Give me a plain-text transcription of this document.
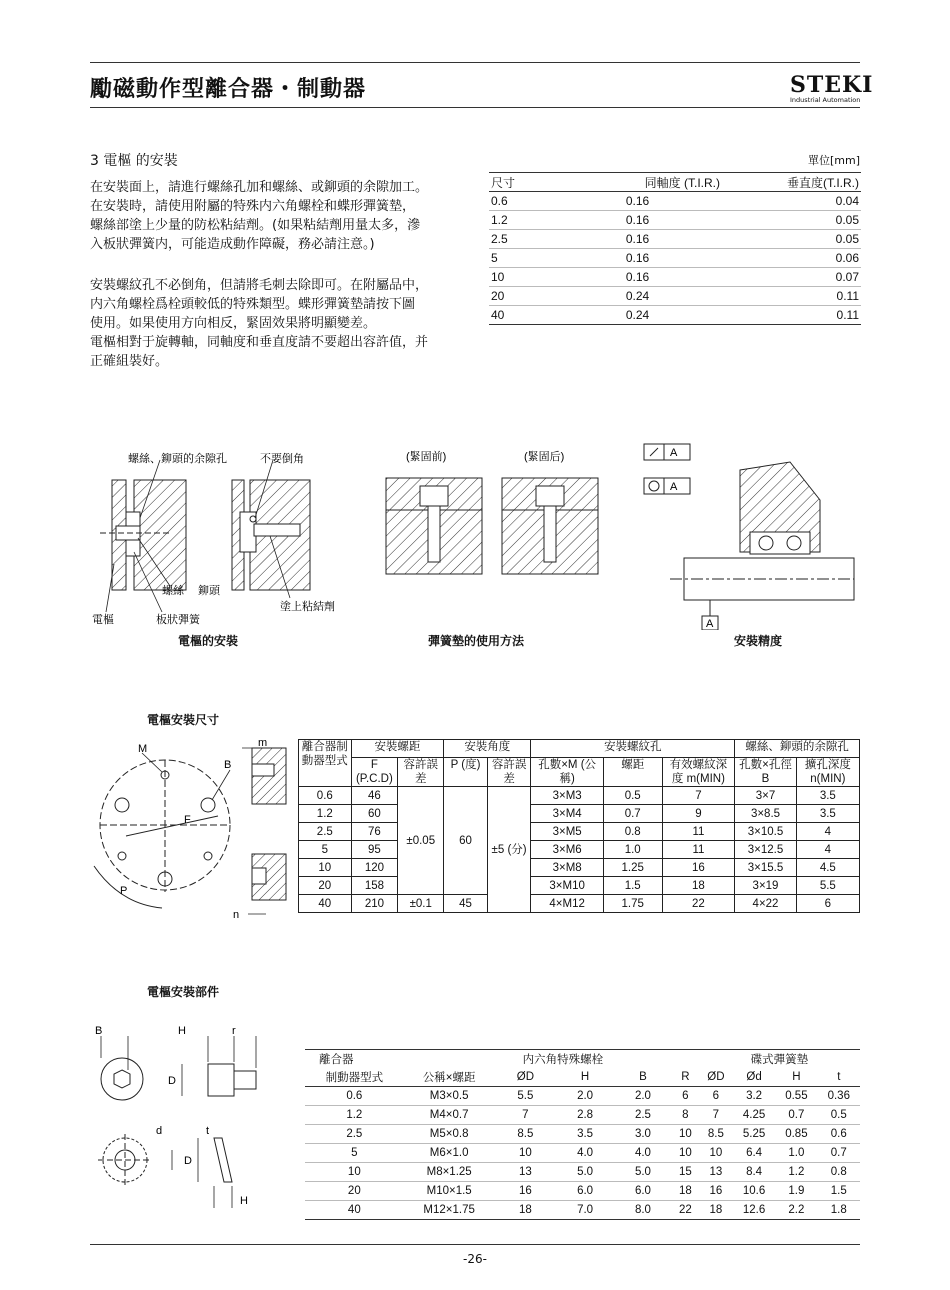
勵磁動作型離合器・制動器	STEKI
Industrial Automation
3 電樞 的安裝
在安裝面上，請進行螺絲孔加和螺絲、或鉚頭的余隙加工。
在安裝時，請使用附屬的特殊内六角螺栓和蝶形彈簧墊，
螺絲部塗上少量的防松粘結劑。(如果粘結劑用量太多，滲
入板狀彈簧内，可能造成動作障礙，務必請注意。)
安裝螺紋孔不必倒角，但請將毛刺去除即可。在附屬品中，
内六角螺栓爲栓頭較低的特殊類型。蝶形彈簧墊請按下圖
使用。如果使用方向相反，緊固效果將明顯變差。
電樞相對于旋轉軸，同軸度和垂直度請不要超出容許值，并
正確組裝好。
單位[mm]
尺寸	同軸度 (T.I.R.)	垂直度(T.I.R.)
0.6	0.16	0.04
1.2	0.16	0.05
2.5	0.16	0.05
5	0.16	0.06
10	0.16	0.07
20	0.24	0.11
40	0.24	0.11
螺絲、鉚頭的余隙孔	不要倒角
螺絲 鉚頭
塗上粘結劑
電樞	板狀彈簧
(緊固前)	(緊固后)	A
A
A
電樞的安裝	彈簧墊的使用方法	安裝精度
電樞安裝尺寸
M
B
F
P
m
n
離合器制動器型式	安裝螺距		安裝角度		安裝螺紋孔			螺絲、鉚頭的余隙孔	
	F (P.C.D)	容許誤差	P (度)	容許誤差	孔數×M (公稱)	螺距	有效螺紋深度 m(MIN)	孔數×孔徑B	擴孔深度 n(MIN)
0.6	46	±0.05	60	±5 (分)	3×M3	0.5	7	3×7	3.5
1.2	60				3×M4	0.7	9	3×8.5	3.5
2.5	76				3×M5	0.8	11	3×10.5	4
5	95				3×M6	1.0	11	3×12.5	4
10	120				3×M8	1.25	16	3×15.5	4.5
20	158				3×M10	1.5	18	3×19	5.5
40	210	±0.1	45		4×M12	1.75	22	4×22	6
電樞安裝部件
B	H	r
D
d
D
t
H
離合器		内六角特殊螺栓				碟式彈簧墊			
制動器型式	公稱×螺距	ØD	H	B	R	ØD	Ød	H	t
0.6	M3×0.5	5.5	2.0	2.0	6	6	3.2	0.55	0.36
1.2	M4×0.7	7	2.8	2.5	8	7	4.25	0.7	0.5
2.5	M5×0.8	8.5	3.5	3.0	10	8.5	5.25	0.85	0.6
5	M6×1.0	10	4.0	4.0	10	10	6.4	1.0	0.7
10	M8×1.25	13	5.0	5.0	15	13	8.4	1.2	0.8
20	M10×1.5	16	6.0	6.0	18	16	10.6	1.9	1.5
40	M12×1.75	18	7.0	8.0	22	18	12.6	2.2	1.8
-26-
